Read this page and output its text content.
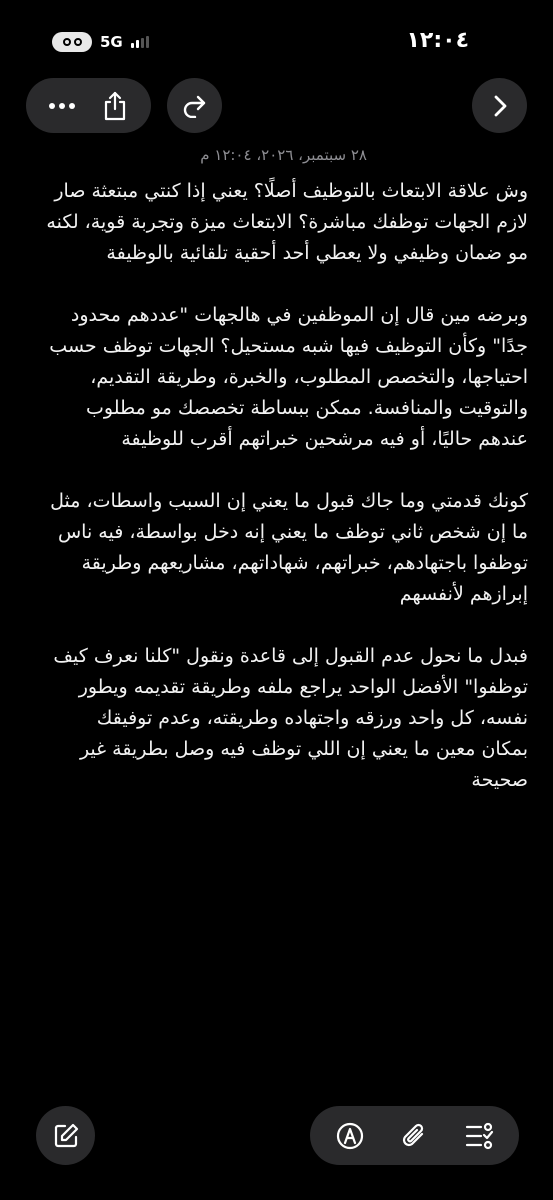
5G	١٢:٠٤
٢٨ سبتمبر، ٢٠٢٦، ١٢:٠٤ م

وش علاقة الابتعاث بالتوظيف أصلًا؟ يعني إذا كنتي مبتعثة صار لازم الجهات توظفك مباشرة؟ الابتعاث ميزة وتجربة قوية، لكنه مو ضمان وظيفي ولا يعطي أحد أحقية تلقائية بالوظيفة

وبرضه مين قال إن الموظفين في هالجهات "عددهم محدود جدًا" وكأن التوظيف فيها شبه مستحيل؟ الجهات توظف حسب احتياجها، والتخصص المطلوب، والخبرة، وطريقة التقديم، والتوقيت والمنافسة. ممكن ببساطة تخصصك مو مطلوب عندهم حاليًا، أو فيه مرشحين خبراتهم أقرب للوظيفة

كونك قدمتي وما جاك قبول ما يعني إن السبب واسطات، مثل ما إن شخص ثاني توظف ما يعني إنه دخل بواسطة، فيه ناس توظفوا باجتهادهم، خبراتهم، شهاداتهم، مشاريعهم وطريقة إبرازهم لأنفسهم

فبدل ما نحول عدم القبول إلى قاعدة ونقول "كلنا نعرف كيف توظفوا" الأفضل الواحد يراجع ملفه وطريقة تقديمه ويطور نفسه، كل واحد ورزقه واجتهاده وطريقته، وعدم توفيقك بمكان معين ما يعني إن اللي توظف فيه وصل بطريقة غير صحيحة
